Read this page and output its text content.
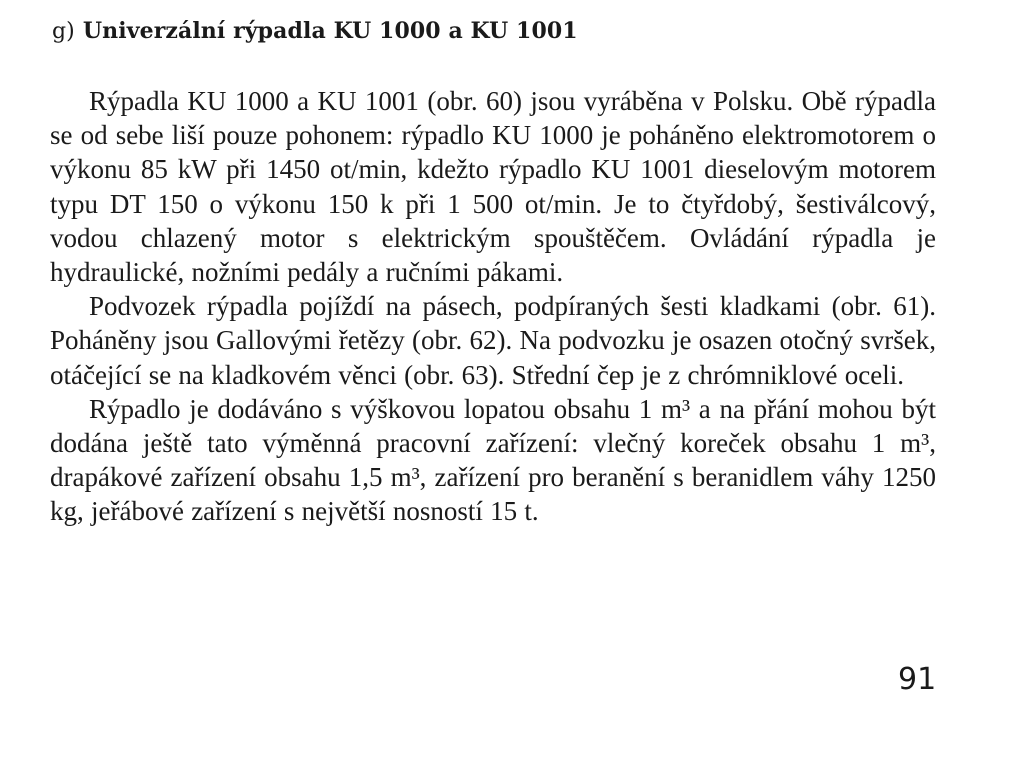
g) Univerzální rýpadla KU 1000 a KU 1001

Rýpadla KU 1000 a KU 1001 (obr. 60) jsou vyráběna v Polsku. Obě rýpadla se od sebe liší pouze pohonem: rýpadlo KU 1000 je poháněno elektromotorem o výkonu 85 kW při 1450 ot/min, kdežto rýpadlo KU 1001 dieselovým motorem typu DT 150 o výkonu 150 k při 1 500 ot/min. Je to čtyřdobý, šestiválcový, vodou chlazený motor s elektrickým spouštěčem. Ovládání rýpadla je hydraulické, nožními pedály a ručními pákami.

Podvozek rýpadla pojíždí na pásech, podpíraných šesti kladkami (obr. 61). Poháněny jsou Gallovými řetězy (obr. 62). Na podvozku je osazen otočný svršek, otáčející se na kladkovém věnci (obr. 63). Střední čep je z chrómniklové oceli.

Rýpadlo je dodáváno s výškovou lopatou obsahu 1 m³ a na přání mohou být dodána ještě tato výměnná pracovní zařízení: vlečný koreček obsahu 1 m³, drapákové zařízení obsahu 1,5 m³, zařízení pro beranění s beranidlem váhy 1250 kg, jeřábové zařízení s největší nosností 15 t.

91
